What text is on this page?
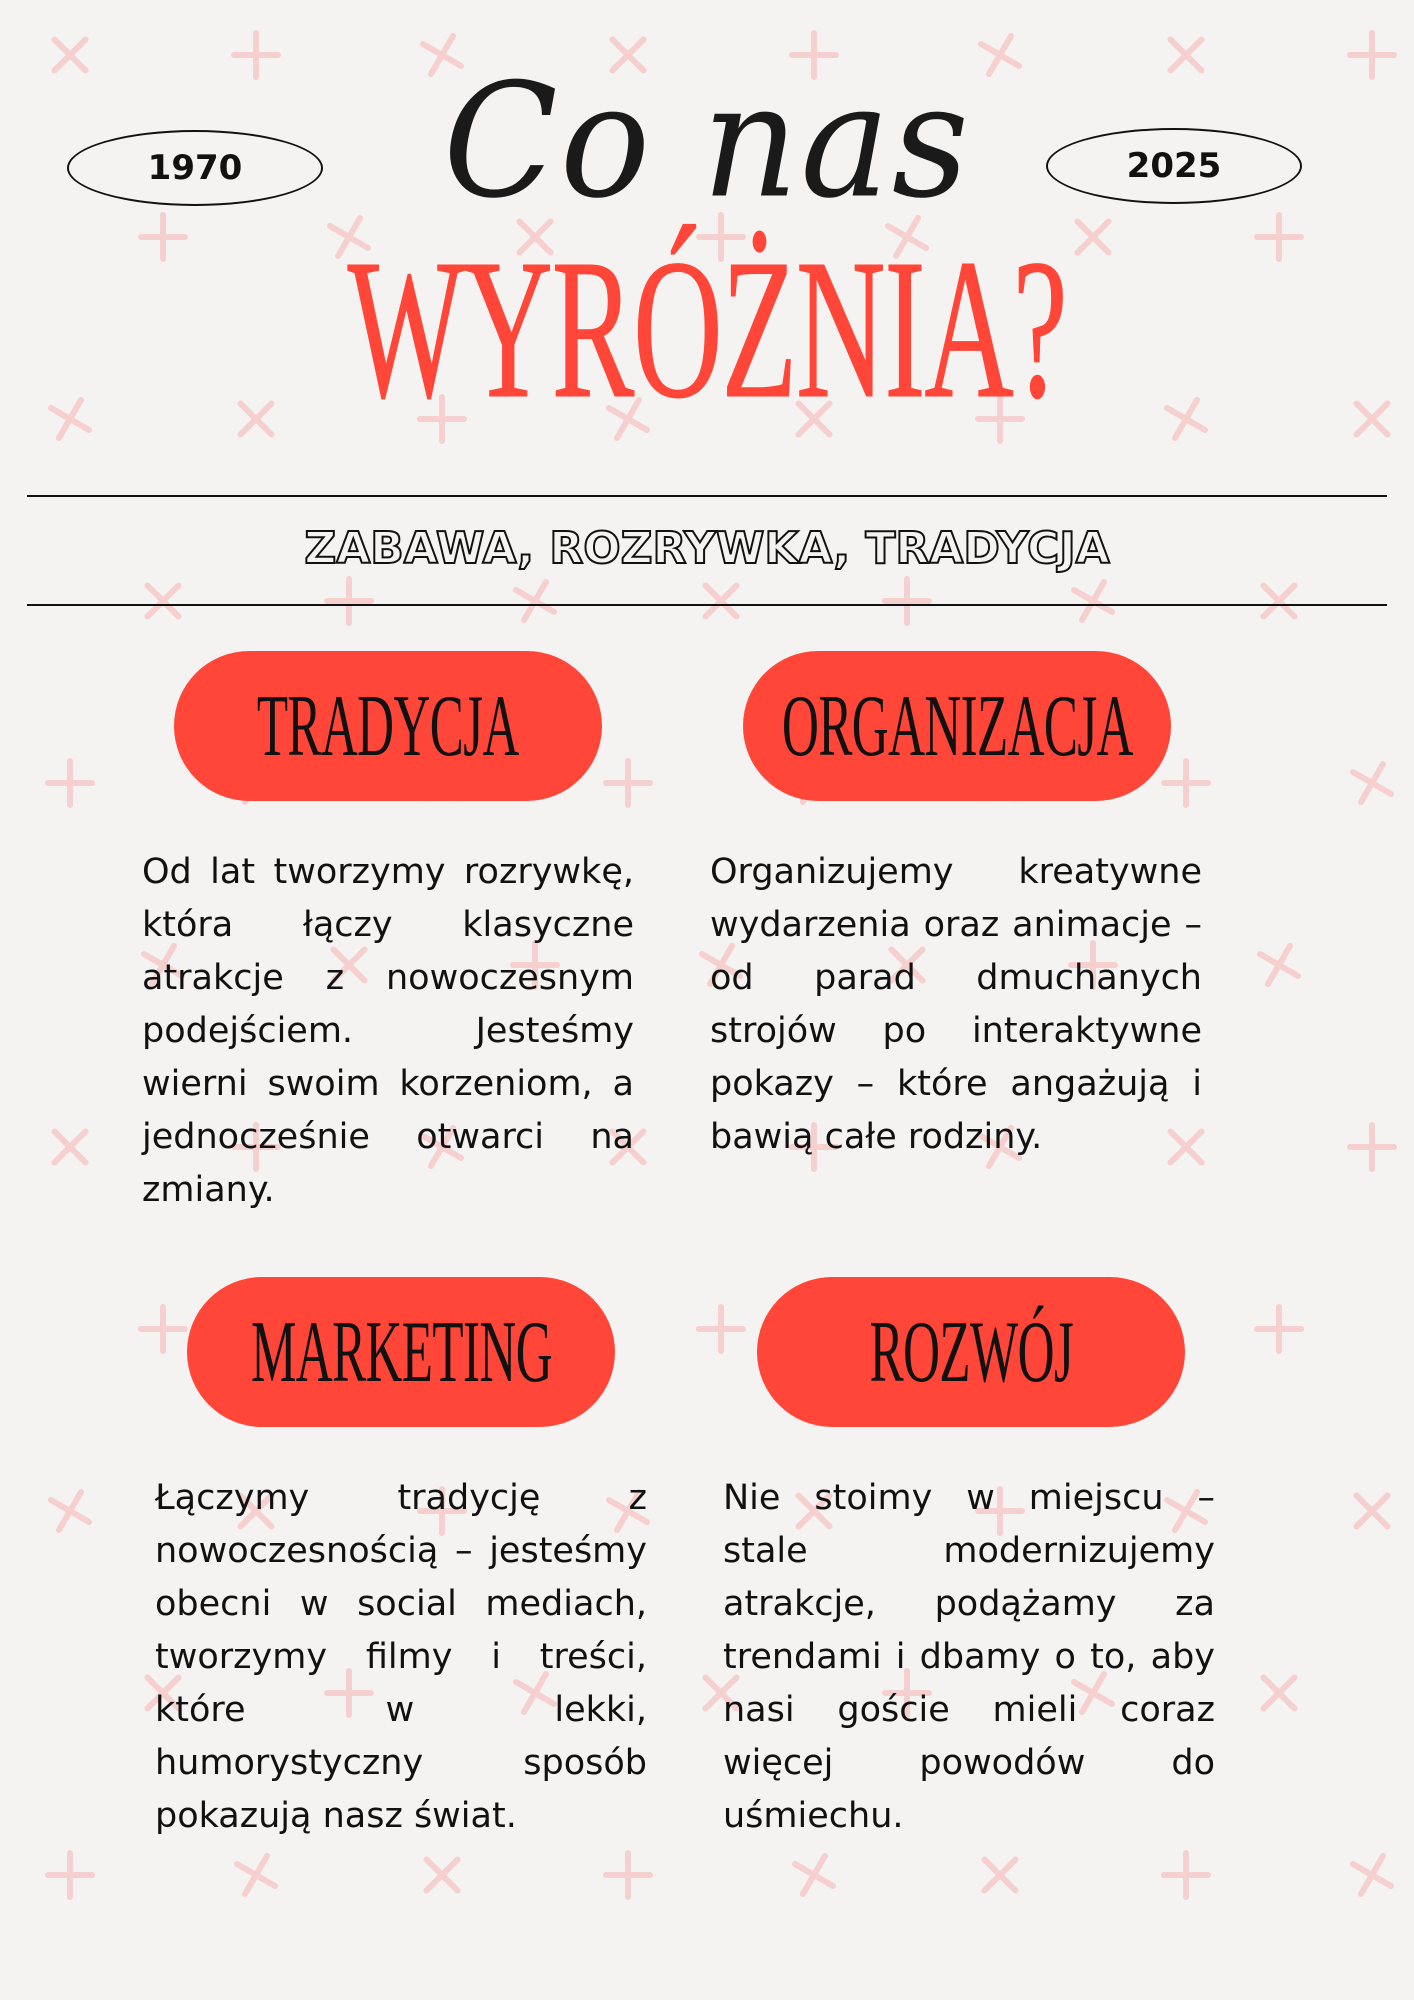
1970	2025
Co nas
WYRÓŻNIA?
ZABAWA, ROZRYWKA, TRADYCJA
TRADYCJA	ORGANIZACJA
MARKETING	ROZWÓJ
Od lat tworzymy rozrywkę, która łączy klasyczne atrakcje z nowoczesnym podejściem. Jesteśmy wierni swoim korzeniom, a jednocześnie otwarci na zmiany.
Organizujemy kreatywne wydarzenia oraz animacje – od parad dmuchanych strojów po interaktywne pokazy – które angażują i bawią całe rodziny.
Łączymy tradycję z nowoczesnością – jesteśmy obecni w social mediach, tworzymy filmy i treści, które w lekki, humorystyczny sposób pokazują nasz świat.
Nie stoimy w miejscu – stale modernizujemy atrakcje, podążamy za trendami i dbamy o to, aby nasi goście mieli coraz więcej powodów do uśmiechu.
